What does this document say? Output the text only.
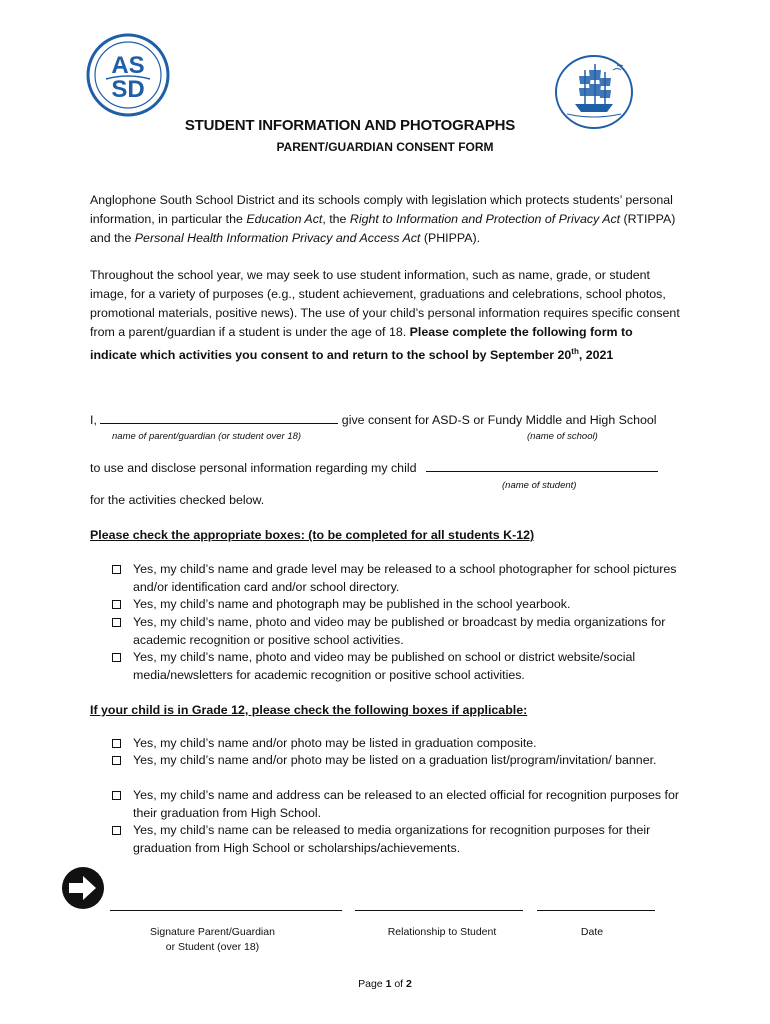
AS
SD
STUDENT INFORMATION AND PHOTOGRAPHS
PARENT/GUARDIAN CONSENT FORM
Anglophone South School District and its schools comply with legislation which protects students’ personal information, in particular the Education Act, the Right to Information and Protection of Privacy Act (RTIPPA) and the Personal Health Information Privacy and Access Act (PHIPPA).
Throughout the school year, we may seek to use student information, such as name, grade, or student image, for a variety of purposes (e.g., student achievement, graduations and celebrations, school photos, promotional materials, positive news). The use of your child’s personal information requires specific consent from a parent/guardian if a student is under the age of 18. Please complete the following form to indicate which activities you consent to and return to the school by September 20th, 2021
I,	give consent for ASD-S or Fundy Middle and High School
name of parent/guardian (or student over 18)	(name of school)
to use and disclose personal information regarding my child
(name of student)
for the activities checked below.
Please check the appropriate boxes: (to be completed for all students K-12)
Yes, my child’s name and grade level may be released to a school photographer for school pictures and/or identification card and/or school directory.
Yes, my child’s name and photograph may be published in the school yearbook.
Yes, my child’s name, photo and video may be published or broadcast by media organizations for academic recognition or positive school activities.
Yes, my child’s name, photo and video may be published on school or district website/social media/newsletters for academic recognition or positive school activities.
If your child is in Grade 12, please check the following boxes if applicable:
Yes, my child’s name and/or photo may be listed in graduation composite.
Yes, my child’s name and/or photo may be listed on a graduation list/program/invitation/ banner.
Yes, my child’s name and address can be released to an elected official for recognition purposes for their graduation from High School.
Yes, my child’s name can be released to media organizations for recognition purposes for their graduation from High School or scholarships/achievements.
Signature Parent/Guardian
or Student (over 18)
Relationship to Student	Date
Page 1 of 2
